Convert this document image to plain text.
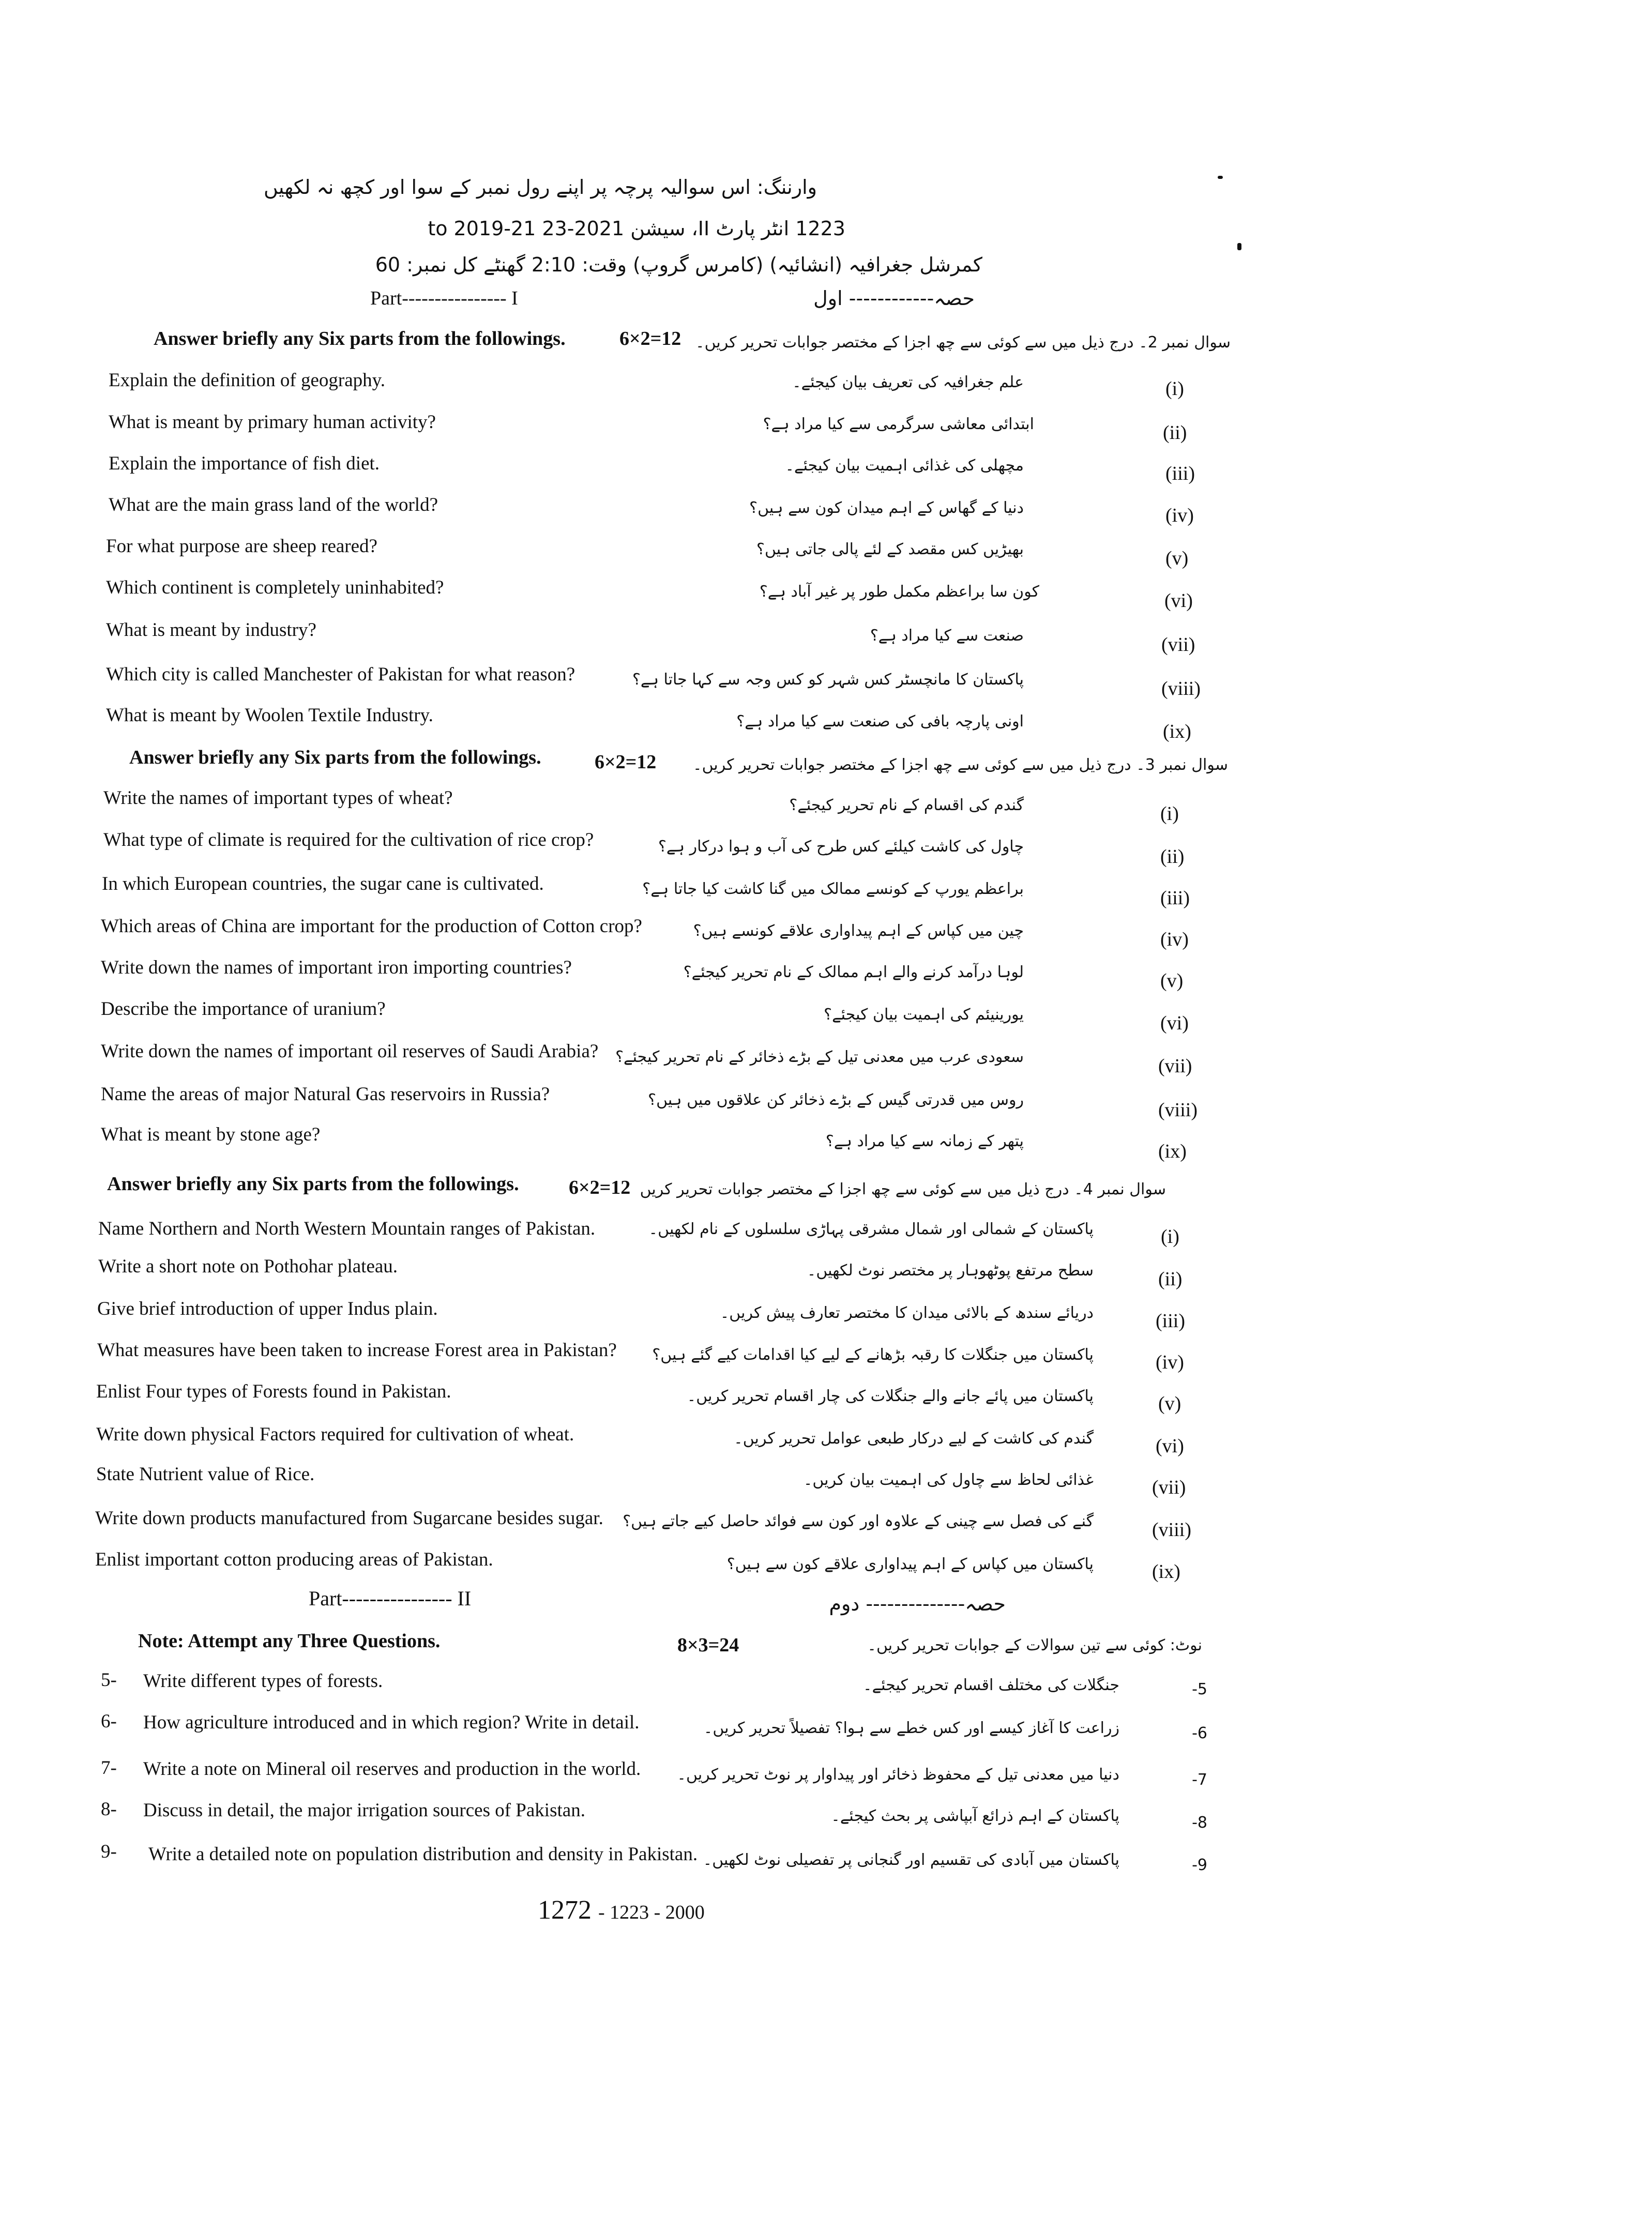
وارننگ: اس سوالیہ پرچہ پر اپنے رول نمبر کے سوا اور کچھ نہ لکھیں
1223 انٹر پارٹ II، سیشن 2021-23 to 2019-21
کمرشل جغرافیہ (انشائیہ) (کامرس گروپ) وقت: 2:10 گھنٹے کل نمبر: 60
Part---------------- I	حصہ------------ اول
Answer briefly any Six parts from the followings.	6×2=12 سوال نمبر 2۔ درج ذیل میں سے کوئی سے چھ اجزا کے مختصر جوابات تحریر کریں۔
Explain the definition of geography.	علم جغرافیہ کی تعریف بیان کیجئے۔	(i)
What is meant by primary human activity?	ابتدائی معاشی سرگرمی سے کیا مراد ہے؟	(ii)
Explain the importance of fish diet.	مچھلی کی غذائی اہمیت بیان کیجئے۔	(iii)
What are the main grass land of the world?	دنیا کے گھاس کے اہم میدان کون سے ہیں؟	(iv)
For what purpose are sheep reared?	بھیڑیں کس مقصد کے لئے پالی جاتی ہیں؟	(v)
Which continent is completely uninhabited?	کون سا براعظم مکمل طور پر غیر آباد ہے؟	(vi)
What is meant by industry?	صنعت سے کیا مراد ہے؟	(vii)
Which city is called Manchester of Pakistan for what reason?	پاکستان کا مانچسٹر کس شہر کو کس وجہ سے کہا جاتا ہے؟	(viii)
What is meant by Woolen Textile Industry.	اونی پارچہ بافی کی صنعت سے کیا مراد ہے؟	(ix)
Answer briefly any Six parts from the followings.	6×2=12 سوال نمبر 3۔ درج ذیل میں سے کوئی سے چھ اجزا کے مختصر جوابات تحریر کریں۔
Write the names of important types of wheat?	گندم کی اقسام کے نام تحریر کیجئے؟	(i)
What type of climate is required for the cultivation of rice crop?	چاول کی کاشت کیلئے کس طرح کی آب و ہوا درکار ہے؟	(ii)
In which European countries, the sugar cane is cultivated.	براعظم یورپ کے کونسے ممالک میں گنا کاشت کیا جاتا ہے؟	(iii)
Which areas of China are important for the production of Cotton crop?	چین میں کپاس کے اہم پیداواری علاقے کونسے ہیں؟	(iv)
Write down the names of important iron importing countries?	لوہا درآمد کرنے والے اہم ممالک کے نام تحریر کیجئے؟	(v)
Describe the importance of uranium?	یورینیئم کی اہمیت بیان کیجئے؟	(vi)
Write down the names of important oil reserves of Saudi Arabia? سعودی عرب میں معدنی تیل کے بڑے ذخائر کے نام تحریر کیجئے؟	(vii)
Name the areas of major Natural Gas reservoirs in Russia?	روس میں قدرتی گیس کے بڑے ذخائر کن علاقوں میں ہیں؟	(viii)
What is meant by stone age?	پتھر کے زمانہ سے کیا مراد ہے؟	(ix)
Answer briefly any Six parts from the followings.	6×2=12 سوال نمبر 4۔ درج ذیل میں سے کوئی سے چھ اجزا کے مختصر جوابات تحریر کریں
Name Northern and North Western Mountain ranges of Pakistan.	پاکستان کے شمالی اور شمال مشرقی پہاڑی سلسلوں کے نام لکھیں۔	(i)
Write a short note on Pothohar plateau.	سطح مرتفع پوٹھوہار پر مختصر نوٹ لکھیں۔	(ii)
Give brief introduction of upper Indus plain.	دریائے سندھ کے بالائی میدان کا مختصر تعارف پیش کریں۔	(iii)
What measures have been taken to increase Forest area in Pakistan? پاکستان میں جنگلات کا رقبہ بڑھانے کے لیے کیا اقدامات کیے گئے ہیں؟	(iv)
Enlist Four types of Forests found in Pakistan.	پاکستان میں پائے جانے والے جنگلات کی چار اقسام تحریر کریں۔	(v)
Write down physical Factors required for cultivation of wheat.	گندم کی کاشت کے لیے درکار طبعی عوامل تحریر کریں۔	(vi)
State Nutrient value of Rice.	غذائی لحاظ سے چاول کی اہمیت بیان کریں۔	(vii)
Write down products manufactured from Sugarcane besides sugar. گنے کی فصل سے چینی کے علاوہ اور کون سے فوائد حاصل کیے جاتے ہیں؟	(viii)
Enlist important cotton producing areas of Pakistan.	پاکستان میں کپاس کے اہم پیداواری علاقے کون سے ہیں؟	(ix)
Part---------------- II	حصہ-------------- دوم
Note: Attempt any Three Questions.	8×3=24	نوٹ: کوئی سے تین سوالات کے جوابات تحریر کریں۔
5- Write different types of forests.	جنگلات کی مختلف اقسام تحریر کیجئے۔	-5
6- How agriculture introduced and in which region? Write in detail.	زراعت کا آغاز کیسے اور کس خطے سے ہوا؟ تفصیلاً تحریر کریں۔	-6
7- Write a note on Mineral oil reserves and production in the world. دنیا میں معدنی تیل کے محفوظ ذخائر اور پیداوار پر نوٹ تحریر کریں۔	-7
8- Discuss in detail, the major irrigation sources of Pakistan.	پاکستان کے اہم ذرائع آبپاشی پر بحث کیجئے۔	-8
9- Write a detailed note on population distribution and density in Pakistan. پاکستان میں آبادی کی تقسیم اور گنجانی پر تفصیلی نوٹ لکھیں۔	-9
1272 - 1223 - 2000
